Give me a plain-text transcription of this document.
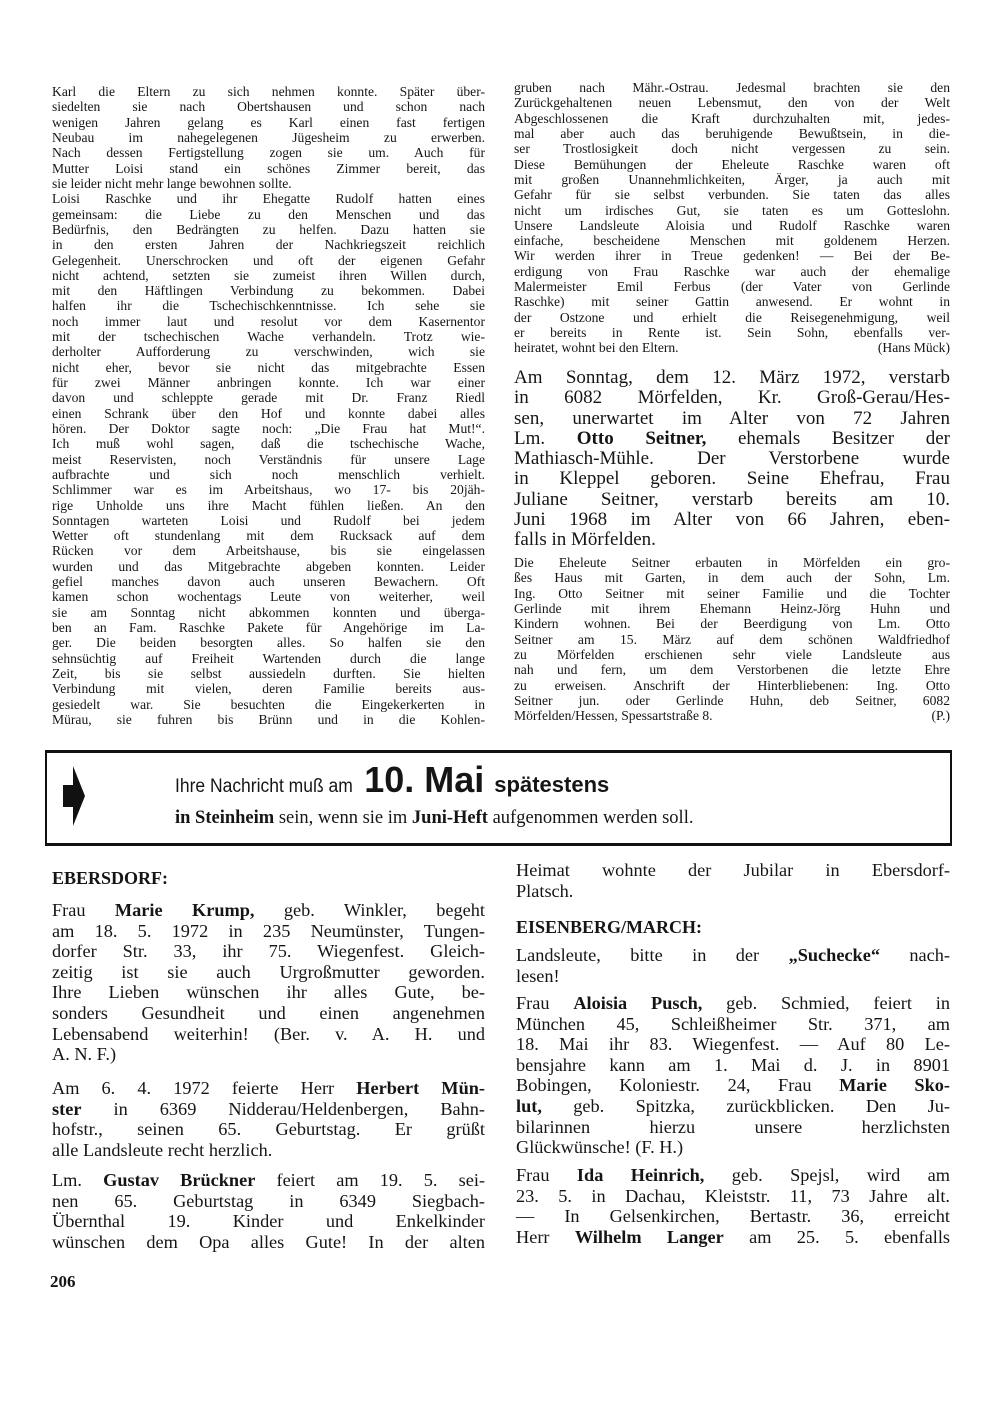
Karl die Eltern zu sich nehmen konnte. Später über-
siedelten sie nach Obertshausen und schon nach
wenigen Jahren gelang es Karl einen fast fertigen
Neubau im nahegelegenen Jügesheim zu erwerben.
Nach dessen Fertigstellung zogen sie um. Auch für
Mutter Loisi stand ein schönes Zimmer bereit, das
sie leider nicht mehr lange bewohnen sollte.
Loisi Raschke und ihr Ehegatte Rudolf hatten eines
gemeinsam: die Liebe zu den Menschen und das
Bedürfnis, den Bedrängten zu helfen. Dazu hatten sie
in den ersten Jahren der Nachkriegszeit reichlich
Gelegenheit. Unerschrocken und oft der eigenen Gefahr
nicht achtend, setzten sie zumeist ihren Willen durch,
mit den Häftlingen Verbindung zu bekommen. Dabei
halfen ihr die Tschechischkenntnisse. Ich sehe sie
noch immer laut und resolut vor dem Kasernentor
mit der tschechischen Wache verhandeln. Trotz wie-
derholter Aufforderung zu verschwinden, wich sie
nicht eher, bevor sie nicht das mitgebrachte Essen
für zwei Männer anbringen konnte. Ich war einer
davon und schleppte gerade mit Dr. Franz Riedl
einen Schrank über den Hof und konnte dabei alles
hören. Der Doktor sagte noch: „Die Frau hat Mut!“.
Ich muß wohl sagen, daß die tschechische Wache,
meist Reservisten, noch Verständnis für unsere Lage
aufbrachte und sich noch menschlich verhielt.
Schlimmer war es im Arbeitshaus, wo 17- bis 20jäh-
rige Unholde uns ihre Macht fühlen ließen. An den
Sonntagen warteten Loisi und Rudolf bei jedem
Wetter oft stundenlang mit dem Rucksack auf dem
Rücken vor dem Arbeitshause, bis sie eingelassen
wurden und das Mitgebrachte abgeben konnten. Leider
gefiel manches davon auch unseren Bewachern. Oft
kamen schon wochentags Leute von weiterher, weil
sie am Sonntag nicht abkommen konnten und überga-
ben an Fam. Raschke Pakete für Angehörige im La-
ger. Die beiden besorgten alles. So halfen sie den
sehnsüchtig auf Freiheit Wartenden durch die lange
Zeit, bis sie selbst aussiedeln durften. Sie hielten
Verbindung mit vielen, deren Familie bereits aus-
gesiedelt war. Sie besuchten die Eingekerkerten in
Mürau, sie fuhren bis Brünn und in die Kohlen-
gruben nach Mähr.-Ostrau. Jedesmal brachten sie den
Zurückgehaltenen neuen Lebensmut, den von der Welt
Abgeschlossenen die Kraft durchzuhalten mit, jedes-
mal aber auch das beruhigende Bewußtsein, in die-
ser Trostlosigkeit doch nicht vergessen zu sein.
Diese Bemühungen der Eheleute Raschke waren oft
mit großen Unannehmlichkeiten, Ärger, ja auch mit
Gefahr für sie selbst verbunden. Sie taten das alles
nicht um irdisches Gut, sie taten es um Gotteslohn.
Unsere Landsleute Aloisia und Rudolf Raschke waren
einfache, bescheidene Menschen mit goldenem Herzen.
Wir werden ihrer in Treue gedenken! — Bei der Be-
erdigung von Frau Raschke war auch der ehemalige
Malermeister Emil Ferbus (der Vater von Gerlinde
Raschke) mit seiner Gattin anwesend. Er wohnt in
der Ostzone und erhielt die Reisegenehmigung, weil
er bereits in Rente ist. Sein Sohn, ebenfalls ver-
heiratet, wohnt bei den Eltern.	(Hans Mück)
Am Sonntag, dem 12. März 1972, verstarb
in 6082 Mörfelden, Kr. Groß-Gerau/Hes-
sen, unerwartet im Alter von 72 Jahren
Lm. Otto Seitner, ehemals Besitzer der
Mathiasch-Mühle. Der Verstorbene wurde
in Kleppel geboren. Seine Ehefrau, Frau
Juliane Seitner, verstarb bereits am 10.
Juni 1968 im Alter von 66 Jahren, eben-
falls in Mörfelden.
Die Eheleute Seitner erbauten in Mörfelden ein gro-
ßes Haus mit Garten, in dem auch der Sohn, Lm.
Ing. Otto Seitner mit seiner Familie und die Tochter
Gerlinde mit ihrem Ehemann Heinz-Jörg Huhn und
Kindern wohnen. Bei der Beerdigung von Lm. Otto
Seitner am 15. März auf dem schönen Waldfriedhof
zu Mörfelden erschienen sehr viele Landsleute aus
nah und fern, um dem Verstorbenen die letzte Ehre
zu erweisen. Anschrift der Hinterbliebenen: Ing. Otto
Seitner jun. oder Gerlinde Huhn, deb Seitner, 6082
Mörfelden/Hessen, Spessartstraße 8.	(P.)
Ihre Nachricht muß am 10. Mai spätestens
in Steinheim sein, wenn sie im Juni-Heft aufgenommen werden soll.
EBERSDORF:
Frau Marie Krump, geb. Winkler, begeht
am 18. 5. 1972 in 235 Neumünster, Tungen-
dorfer Str. 33, ihr 75. Wiegenfest. Gleich-
zeitig ist sie auch Urgroßmutter geworden.
Ihre Lieben wünschen ihr alles Gute, be-
sonders Gesundheit und einen angenehmen
Lebensabend weiterhin! (Ber. v. A. H. und
A. N. F.)
Am 6. 4. 1972 feierte Herr Herbert Mün-
ster in 6369 Nidderau/Heldenbergen, Bahn-
hofstr., seinen 65. Geburtstag. Er grüßt
alle Landsleute recht herzlich.
Lm. Gustav Brückner feiert am 19. 5. sei-
nen 65. Geburtstag in 6349 Siegbach-
Übernthal 19. Kinder und Enkelkinder
wünschen dem Opa alles Gute! In der alten
Heimat wohnte der Jubilar in Ebersdorf-
Platsch.
EISENBERG/MARCH:
Landsleute, bitte in der „Suchecke“ nach-
lesen!
Frau Aloisia Pusch, geb. Schmied, feiert in
München 45, Schleißheimer Str. 371, am
18. Mai ihr 83. Wiegenfest. — Auf 80 Le-
bensjahre kann am 1. Mai d. J. in 8901
Bobingen, Koloniestr. 24, Frau Marie Sko-
lut, geb. Spitzka, zurückblicken. Den Ju-
bilarinnen hierzu unsere herzlichsten
Glückwünsche! (F. H.)
Frau Ida Heinrich, geb. Spejsl, wird am
23. 5. in Dachau, Kleiststr. 11, 73 Jahre alt.
— In Gelsenkirchen, Bertastr. 36, erreicht
Herr Wilhelm Langer am 25. 5. ebenfalls
206
